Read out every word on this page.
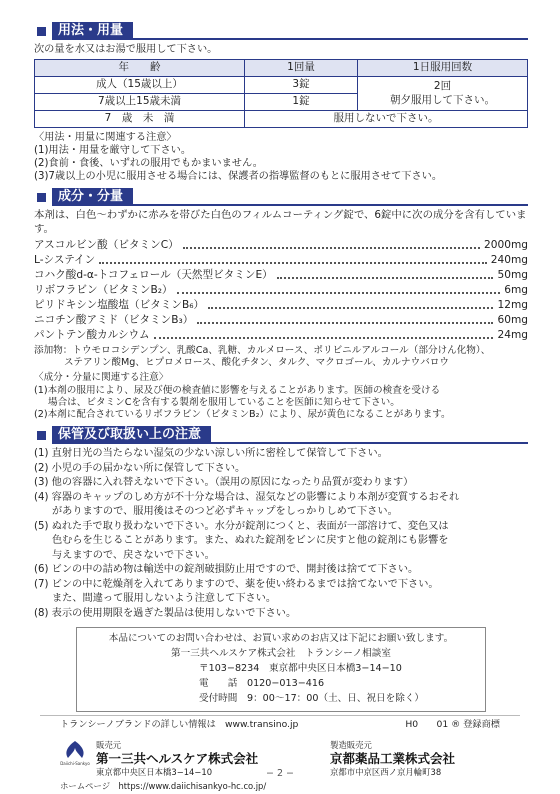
用法・用量
次の量を水又はお湯で服用して下さい。
年　　齢	1回量	1日服用回数
成人（15歳以上）	3錠	2回
朝夕服用して下さい。

7歳以上15歳未満	1錠	
7　歳　未　満	服用しないで下さい。	
〈用法・用量に関連する注意〉
(1)用法・用量を厳守して下さい。
(2)食前・食後、いずれの服用でもかまいません。
(3)7歳以上の小児に服用させる場合には、保護者の指導監督のもとに服用させて下さい。
成分・分量
本剤は、白色〜わずかに赤みを帯びた白色のフィルムコーティング錠で、6錠中に次の成分を含有しています。
アスコルビン酸（ビタミンC）	2000mg
L-システイン	240mg
コハク酸d-α-トコフェロール（天然型ビタミンE）	50mg
リボフラビン（ビタミンB₂）	6mg
ピリドキシン塩酸塩（ビタミンB₆）	12mg
ニコチン酸アミド（ビタミンB₃）	60mg
パントテン酸カルシウム	24mg
添加物：トウモロコシデンプン、乳酸Ca、乳糖、カルメロース、ポリビニルアルコール（部分けん化物）、
ステアリン酸Mg、ヒプロメロース、酸化チタン、タルク、マクロゴール、カルナウバロウ
〈成分・分量に関連する注意〉
(1)本剤の服用により、尿及び便の検査値に影響を与えることがあります。医師の検査を受ける
場合は、ビタミンCを含有する製剤を服用していることを医師に知らせて下さい。
(2)本剤に配合されているリボフラビン（ビタミンB₂）により、尿が黄色になることがあります。
保管及び取扱い上の注意
(1) 直射日光の当たらない湿気の少ない涼しい所に密栓して保管して下さい。
(2) 小児の手の届かない所に保管して下さい。
(3) 他の容器に入れ替えないで下さい。（誤用の原因になったり品質が変わります）
(4) 容器のキャップのしめ方が不十分な場合は、湿気などの影響により本剤が変質するおそれ
がありますので、服用後はそのつど必ずキャップをしっかりしめて下さい。
(5) ぬれた手で取り扱わないで下さい。水分が錠剤につくと、表面が一部溶けて、変色又は
色むらを生じることがあります。また、ぬれた錠剤をビンに戻すと他の錠剤にも影響を
与えますので、戻さないで下さい。
(6) ビンの中の詰め物は輸送中の錠剤破損防止用ですので、開封後は捨てて下さい。
(7) ビンの中に乾燥剤を入れてありますので、薬を使い終わるまでは捨てないで下さい。
また、間違って服用しないよう注意して下さい。
(8) 表示の使用期限を過ぎた製品は使用しないで下さい。
本品についてのお問い合わせは、お買い求めのお店又は下記にお願い致します。
第一三共ヘルスケア株式会社　トランシーノ相談室
〒103−8234　東京都中央区日本橋3−14−10
電　　話　0120−013−416
受付時間　9：00〜17：00（土、日、祝日を除く）
トランシーノブランドの詳しい情報は　www.transino.jp	H0　　01 ® 登録商標
Daiichi-Sankyo
販売元
第一三共ヘルスケア株式会社
東京都中央区日本橋3−14−10
ホームページ　https://www.daiichisankyo-hc.co.jp/
製造販売元
京都薬品工業株式会社
京都市中京区西ノ京月輪町38
− 2 −
